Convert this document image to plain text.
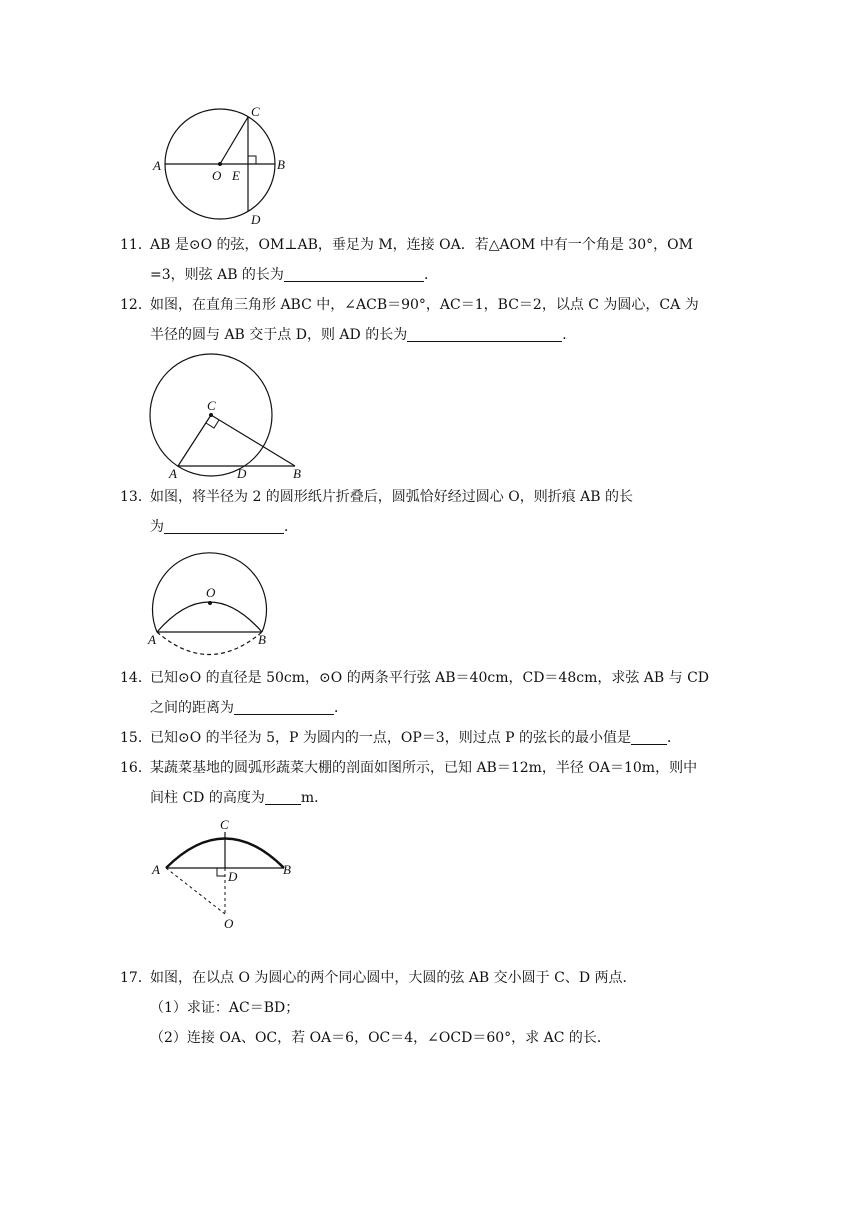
A	B
C
D
O E
11．
AB 是⊙O 的弦，OM⊥AB，垂足为 M，连接 OA．若△AOM 中有一个角是 30°，OM
=3，则弦 AB 的长为	．
12．
如图，在直角三角形 ABC 中，∠ACB＝90°，AC＝1，BC＝2，以点 C 为圆心，CA 为
半径的圆与 AB 交于点 D，则 AD 的长为	．
C
A	D	B
13．
如图，将半径为 2 的圆形纸片折叠后，圆弧恰好经过圆心 O，则折痕 AB 的长
为	．
O
A	B
14．
已知⊙O 的直径是 50cm，⊙O 的两条平行弦 AB＝40cm，CD＝48cm，求弦 AB 与 CD
之间的距离为	．
15．
已知⊙O 的半径为 5，P 为圆内的一点，OP＝3，则过点 P 的弦长的最小值是	．
16．
某蔬菜基地的圆弧形蔬菜大棚的剖面如图所示，已知 AB＝12m，半径 OA＝10m，则中
间柱 CD 的高度为	m．
C
A	B
D
O
17．
如图，在以点 O 为圆心的两个同心圆中，大圆的弦 AB 交小圆于 C、D 两点．
（1）求证：AC＝BD；
（2）连接 OA、OC，若 OA＝6，OC＝4，∠OCD＝60°，求 AC 的长．
